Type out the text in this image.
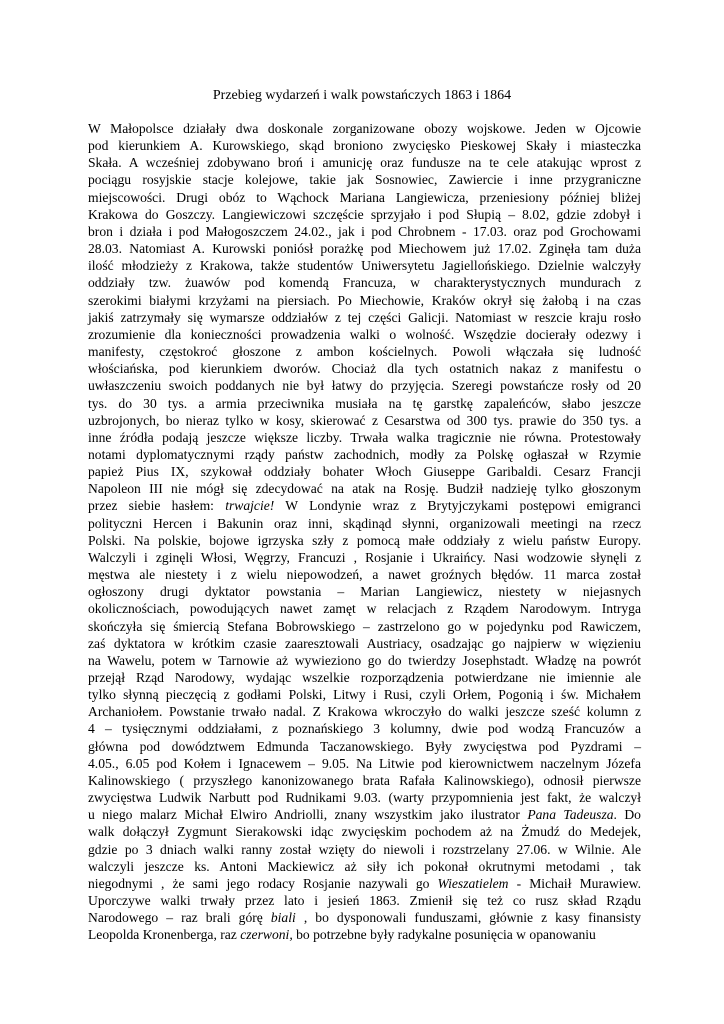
Przebieg wydarzeń i walk powstańczych 1863 i 1864
W Małopolsce działały dwa doskonale zorganizowane obozy wojskowe. Jeden w Ojcowie
pod kierunkiem A. Kurowskiego, skąd broniono zwycięsko Pieskowej Skały i miasteczka
Skała. A wcześniej zdobywano broń i amunicję oraz fundusze na te cele atakując wprost z
pociągu rosyjskie stacje kolejowe, takie jak Sosnowiec, Zawiercie i inne przygraniczne
miejscowości. Drugi obóz to Wąchock Mariana Langiewicza, przeniesiony później bliżej
Krakowa do Goszczy. Langiewiczowi szczęście sprzyjało i pod Słupią – 8.02, gdzie zdobył i
bron i działa i pod Małogoszczem 24.02., jak i pod Chrobnem - 17.03. oraz pod Grochowami
28.03. Natomiast A. Kurowski poniósł porażkę pod Miechowem już 17.02. Zginęła tam duża
ilość młodzieży z Krakowa, także studentów Uniwersytetu Jagiellońskiego. Dzielnie walczyły
oddziały tzw. żuawów pod komendą Francuza, w charakterystycznych mundurach z
szerokimi białymi krzyżami na piersiach. Po Miechowie, Kraków okrył się żałobą i na czas
jakiś zatrzymały się wymarsze oddziałów z tej części Galicji. Natomiast w reszcie kraju rosło
zrozumienie dla konieczności prowadzenia walki o wolność. Wszędzie docierały odezwy i
manifesty, częstokroć głoszone z ambon kościelnych. Powoli włączała się ludność
włościańska, pod kierunkiem dworów. Chociaż dla tych ostatnich nakaz z manifestu o
uwłaszczeniu swoich poddanych nie był łatwy do przyjęcia. Szeregi powstańcze rosły od 20
tys. do 30 tys. a armia przeciwnika musiała na tę garstkę zapaleńców, słabo jeszcze
uzbrojonych, bo nieraz tylko w kosy, skierować z Cesarstwa od 300 tys. prawie do 350 tys. a
inne źródła podają jeszcze większe liczby. Trwała walka tragicznie nie równa. Protestowały
notami dyplomatycznymi rządy państw zachodnich, modły za Polskę ogłaszał w Rzymie
papież Pius IX, szykował oddziały bohater Włoch Giuseppe Garibaldi. Cesarz Francji
Napoleon III nie mógł się zdecydować na atak na Rosję. Budził nadzieję tylko głoszonym
przez siebie hasłem: trwajcie! W Londynie wraz z Brytyjczykami postępowi emigranci
polityczni Hercen i Bakunin oraz inni, skądinąd słynni, organizowali meetingi na rzecz
Polski. Na polskie, bojowe igrzyska szły z pomocą małe oddziały z wielu państw Europy.
Walczyli i zginęli Włosi, Węgrzy, Francuzi , Rosjanie i Ukraińcy. Nasi wodzowie słynęli z
męstwa ale niestety i z wielu niepowodzeń, a nawet groźnych błędów. 11 marca został
ogłoszony drugi dyktator powstania – Marian Langiewicz, niestety w niejasnych
okolicznościach, powodujących nawet zamęt w relacjach z Rządem Narodowym. Intryga
skończyła się śmiercią Stefana Bobrowskiego – zastrzelono go w pojedynku pod Rawiczem,
zaś dyktatora w krótkim czasie zaaresztowali Austriacy, osadzając go najpierw w więzieniu
na Wawelu, potem w Tarnowie aż wywieziono go do twierdzy Josephstadt. Władzę na powrót
przejął Rząd Narodowy, wydając wszelkie rozporządzenia potwierdzane nie imiennie ale
tylko słynną pieczęcią z godłami Polski, Litwy i Rusi, czyli Orłem, Pogonią i św. Michałem
Archaniołem. Powstanie trwało nadal. Z Krakowa wkroczyło do walki jeszcze sześć kolumn z
4 – tysięcznymi oddziałami, z poznańskiego 3 kolumny, dwie pod wodzą Francuzów a
główna pod dowództwem Edmunda Taczanowskiego. Były zwycięstwa pod Pyzdrami –
4.05., 6.05 pod Kołem i Ignacewem – 9.05. Na Litwie pod kierownictwem naczelnym Józefa
Kalinowskiego ( przyszłego kanonizowanego brata Rafała Kalinowskiego), odnosił pierwsze
zwycięstwa Ludwik Narbutt pod Rudnikami 9.03. (warty przypomnienia jest fakt, że walczył
u niego malarz Michał Elwiro Andriolli, znany wszystkim jako ilustrator Pana Tadeusza. Do
walk dołączył Zygmunt Sierakowski idąc zwycięskim pochodem aż na Żmudź do Medejek,
gdzie po 3 dniach walki ranny został wzięty do niewoli i rozstrzelany 27.06. w Wilnie. Ale
walczyli jeszcze ks. Antoni Mackiewicz aż siły ich pokonał okrutnymi metodami , tak
niegodnymi , że sami jego rodacy Rosjanie nazywali go Wieszatielem - Michaił Murawiew.
Uporczywe walki trwały przez lato i jesień 1863. Zmienił się też co rusz skład Rządu
Narodowego – raz brali górę biali , bo dysponowali funduszami, głównie z kasy finansisty
Leopolda Kronenberga, raz czerwoni, bo potrzebne były radykalne posunięcia w opanowaniu
